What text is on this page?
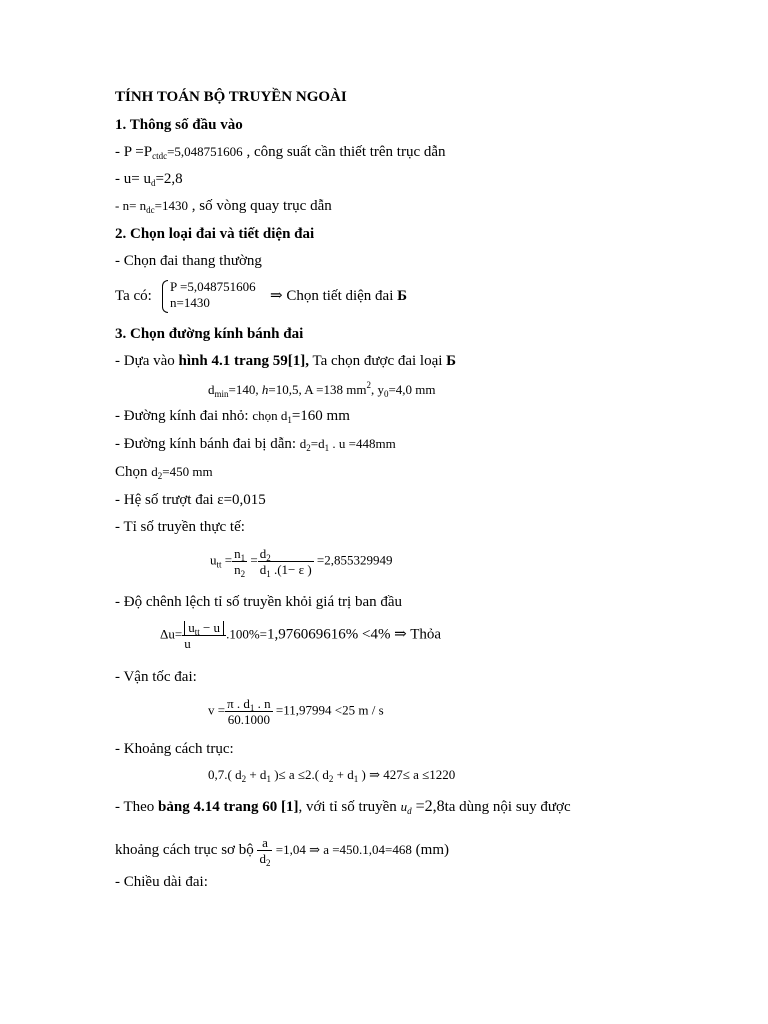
TÍNH TOÁN BỘ TRUYỀN NGOÀI
1. Thông số đầu vào
- $P =P_{ctdc}=5,048751606$ , công suất cần thiết trên trục dẫn
- $u= u_d=2,8$
- $n= n_{dc}=1430$ , số vòng quay trục dẫn
2. Chọn loại đai và tiết diện đai
- Chọn đai thang thường
Ta có:
P =5,048751606
n=1430	⇒ Chọn tiết diện đai Б
3. Chọn đường kính bánh đai
- Dựa vào hình 4.1 trang 59[1], Ta chọn được đai loại Б
$d_{min}=140$, h=10,5, A =138 $mm^2$, $y_0=4,0$ mm
- Đường kính đai nhỏ: chọn $d_1=160$ mm
- Đường kính bánh đai bị dẫn: $d_2=d_1$ . u =448mm
Chọn $d_2=450$ mm
- Hệ số trượt đai ε=0,015
- Tỉ số truyền thực tế:
$u_{tt} = \frac{n_1}{n_2} = \frac{d_2}{d_1 .(1- \varepsilon )} =2,855329949$
- Độ chênh lệch tỉ số truyền khỏi giá trị ban đầu
$\Delta u= \frac{u_{tt} - u}{u} .100\%=1,976069616\% <4\%$ ⇒ Thỏa
- Vận tốc đai:
$v = \frac{\pi . d_1 . n}{60.1000} =11,97994 <25$ m / s
- Khoảng cách trục:
0,7.( $d_2 + d_1$ )≤ a ≤2.( $d_2 + d_1$ ) ⇒ 427≤ a ≤1220
- Theo bảng 4.14 trang 60 [1], với tỉ số truyền $u_d =2,8ta$ dùng nội suy được
khoảng cách trục sơ bộ $\frac{a}{d_2} =1,04$ ⇒ a =450.1,04=468 (mm)
- Chiều dài đai:
